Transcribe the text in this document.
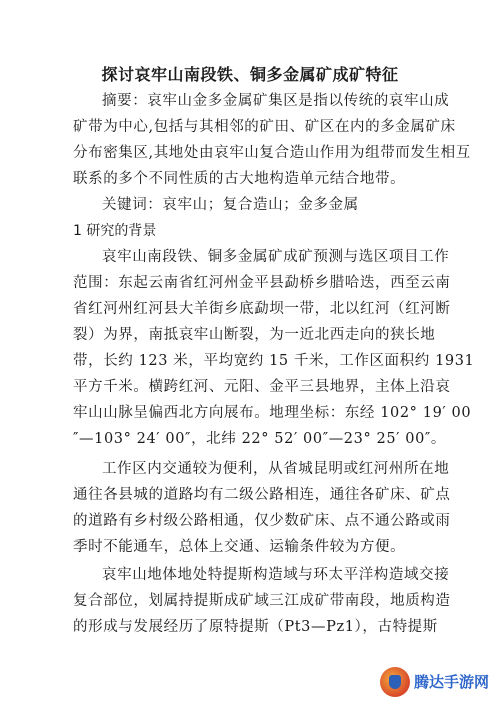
探讨哀牢山南段铁、铜多金属矿成矿特征
摘要：哀牢山金多金属矿集区是指以传统的哀牢山成
矿带为中心,包括与其相邻的矿田、矿区在内的多金属矿床
分布密集区,其地处由哀牢山复合造山作用为组带而发生相互
联系的多个不同性质的古大地构造单元结合地带。
关键词：哀牢山；复合造山；金多金属
1 研究的背景
哀牢山南段铁、铜多金属矿成矿预测与选区项目工作
范围：东起云南省红河州金平县勐桥乡腊哈迭，西至云南
省红河州红河县大羊街乡底勐坝一带，北以红河（红河断
裂）为界，南抵哀牢山断裂，为一近北西走向的狭长地
带，长约 123 米，平均宽约 15 千米，工作区面积约 1931
平方千米。横跨红河、元阳、金平三县地界，主体上沿哀
牢山山脉呈偏西北方向展布。地理坐标：东经 102° 19′ 00
″—103° 24′ 00″，北纬 22° 52′ 00″—23° 25′ 00″。
工作区内交通较为便利，从省城昆明或红河州所在地
通往各县城的道路均有二级公路相连，通往各矿床、矿点
的道路有乡村级公路相通，仅少数矿床、点不通公路或雨
季时不能通车，总体上交通、运输条件较为方便。
哀牢山地体地处特提斯构造域与环太平洋构造域交接
复合部位，划属持提斯成矿域三江成矿带南段，地质构造
的形成与发展经历了原特提斯（Pt3—Pz1），古特提斯
腾达手游网
